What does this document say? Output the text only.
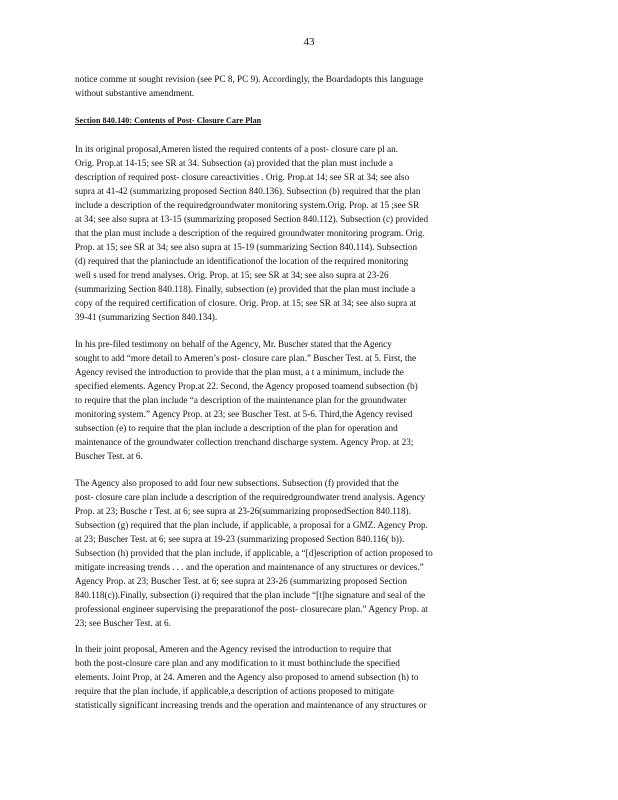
43

notice comme nt sought revision (see PC 8, PC 9). Accordingly, the Boardadopts this language
without substantive amendment.

Section 840.140: Contents of Post- Closure Care Plan

In its original proposal,Ameren listed the required contents of a post- closure care pl an.
Orig. Prop.at 14-15; see SR at 34. Subsection (a) provided that the plan must include a
description of required post- closure careactivities . Orig. Prop.at 14; see SR at 34; see also
supra at 41-42 (summarizing proposed Section 840.136). Subsection (b) required that the plan
include a description of the requiredgroundwater monitoring system.Orig. Prop. at 15 ;see SR
at 34; see also supra at 13-15 (summarizing proposed Section 840.112). Subsection (c) provided
that the plan must include a description of the required groundwater monitoring program. Orig.
Prop. at 15; see SR at 34; see also supra at 15-19 (summarizing Section 840.114). Subsection
(d) required that the planinclude an identificationof the location of the required monitoring
well s used for trend analyses. Orig. Prop. at 15; see SR at 34; see also supra at 23-26
(summarizing Section 840.118). Finally, subsection (e) provided that the plan must include a
copy of the required certification of closure. Orig. Prop. at 15; see SR at 34; see also supra at
39-41 (summarizing Section 840.134).

In his pre-filed testimony on behalf of the Agency, Mr. Buscher stated that the Agency
sought to add “more detail to Ameren’s post- closure care plan.” Buscher Test. at 5. First, the
Agency revised the introduction to provide that the plan must, a t a minimum, include the
specified elements. Agency Prop.at 22. Second, the Agency proposed toamend subsection (b)
to require that the plan include “a description of the maintenance plan for the groundwater
monitoring system.” Agency Prop. at 23; see Buscher Test. at 5-6. Third,the Agency revised
subsection (e) to require that the plan include a description of the plan for operation and
maintenance of the groundwater collection trenchand discharge system. Agency Prop. at 23;
Buscher Test. at 6.

The Agency also proposed to add four new subsections. Subsection (f) provided that the
post- closure care plan include a description of the requiredgroundwater trend analysis. Agency
Prop. at 23; Busche r Test. at 6; see supra at 23-26(summarizing proposedSection 840.118).
Subsection (g) required that the plan include, if applicable, a proposal for a GMZ. Agency Prop.
at 23; Buscher Test. at 6; see supra at 19-23 (summarizing proposed Section 840.116( b)).
Subsection (h) provided that the plan include, if applicable, a “[d]escription of action proposed to
mitigate increasing trends . . . and the operation and maintenance of any structures or devices.”
Agency Prop. at 23; Buscher Test. at 6; see supra at 23-26 (summarizing proposed Section
840.118(c)).Finally, subsection (i) required that the plan include “[t]he signature and seal of the
professional engineer supervising the preparationof the post- closurecare plan.” Agency Prop. at
23; see Buscher Test. at 6.

In their joint proposal, Ameren and the Agency revised the introduction to require that
both the post-closure care plan and any modification to it must bothinclude the specified
elements. Joint Prop, at 24. Ameren and the Agency also proposed to amend subsection (h) to
require that the plan include, if applicable,a description of actions proposed to mitigate
statistically significant increasing trends and the operation and maintenance of any structures or
